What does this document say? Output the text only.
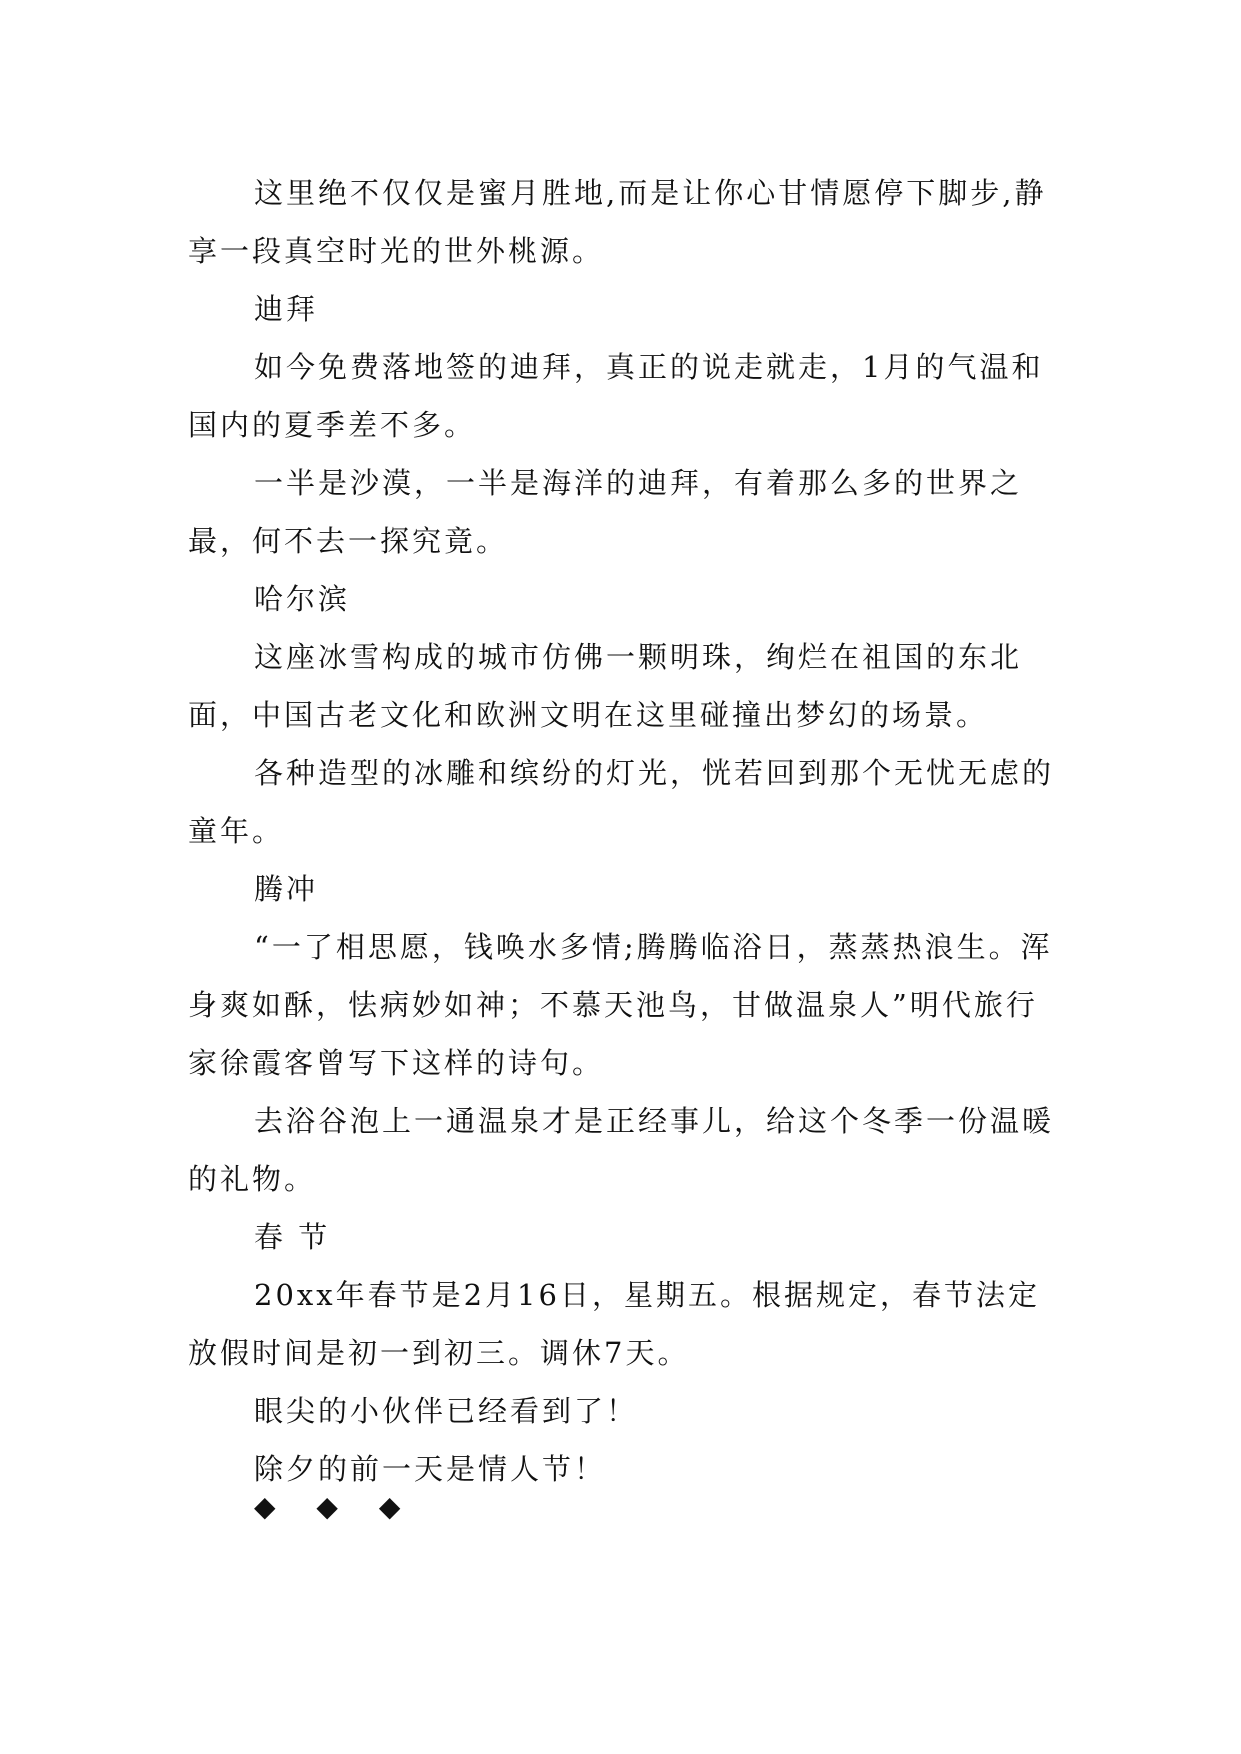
这里绝不仅仅是蜜月胜地,而是让你心甘情愿停下脚步,静享一段真空时光的世外桃源。

迪拜

如今免费落地签的迪拜，真正的说走就走，1月的气温和国内的夏季差不多。

一半是沙漠，一半是海洋的迪拜，有着那么多的世界之最，何不去一探究竟。

哈尔滨

这座冰雪构成的城市仿佛一颗明珠，绚烂在祖国的东北面，中国古老文化和欧洲文明在这里碰撞出梦幻的场景。

各种造型的冰雕和缤纷的灯光，恍若回到那个无忧无虑的童年。

腾冲

“一了相思愿，钱唤水多情;腾腾临浴日，蒸蒸热浪生。浑身爽如酥，怯病妙如神；不慕天池鸟，甘做温泉人”明代旅行家徐霞客曾写下这样的诗句。

去浴谷泡上一通温泉才是正经事儿，给这个冬季一份温暖的礼物。

春 节

20xx年春节是2月16日，星期五。根据规定，春节法定放假时间是初一到初三。调休7天。

眼尖的小伙伴已经看到了！

除夕的前一天是情人节！

◆ ◆ ◆
